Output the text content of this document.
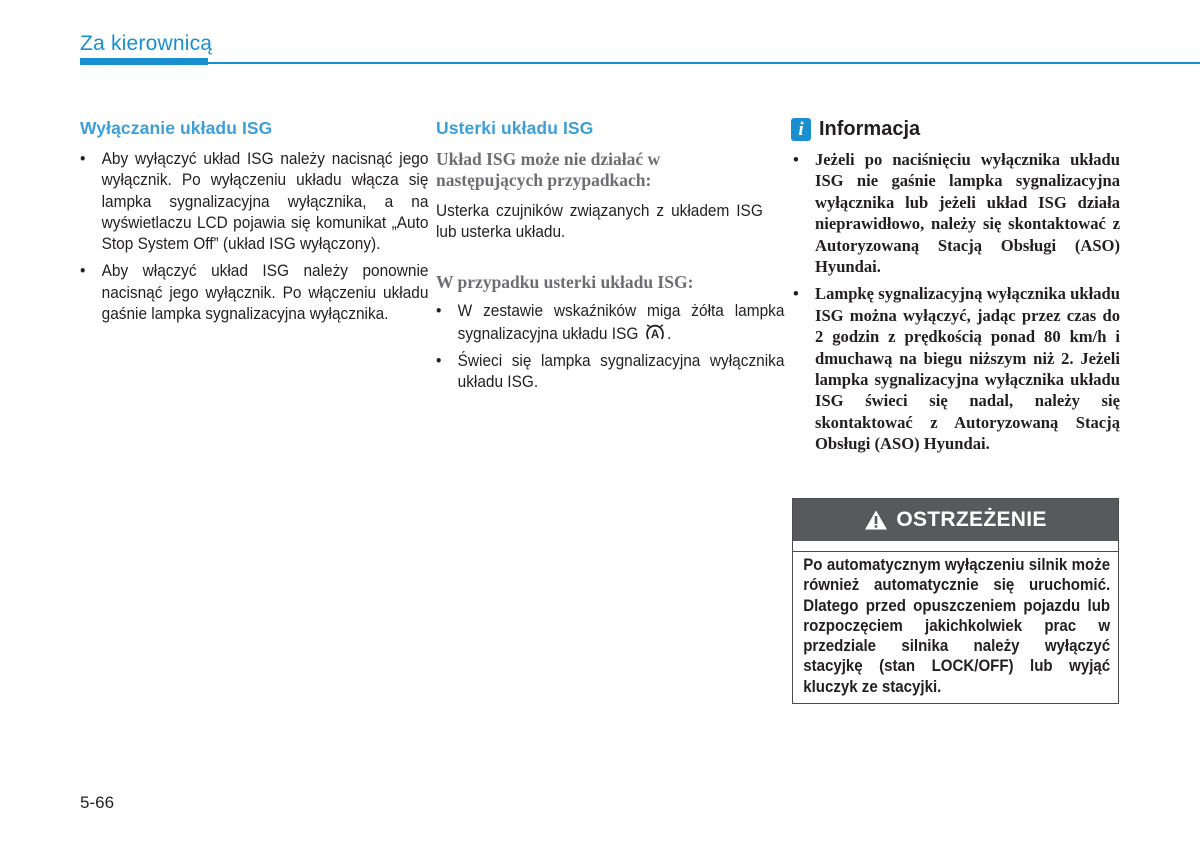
Za kierownicą
Wyłączanie układu ISG
• Aby wyłączyć układ ISG należy nacisnąć jego wyłącznik. Po wyłączeniu układu włącza się lampka sygnalizacyjna wyłącznika, a na wyświetlaczu LCD pojawia się komunikat „Auto Stop System Off” (układ ISG wyłączony).
• Aby włączyć układ ISG należy ponownie nacisnąć jego wyłącznik. Po włączeniu układu gaśnie lampka sygnalizacyjna wyłącznika.
Usterki układu ISG

Układ ISG może nie działać w następujących przypadkach:

Usterka czujników związanych z układem ISG lub usterka układu.

W przypadku usterki układu ISG:

• W zestawie wskaźników miga żółta lampka sygnalizacyjna układu ISG A .
• Świeci się lampka sygnalizacyjna wyłącznika układu ISG.
i Informacja
• Jeżeli po naciśnięciu wyłącznika układu ISG nie gaśnie lampka sygnalizacyjna wyłącznika lub jeżeli układ ISG działa nieprawidłowo, należy się skontaktować z Autoryzowaną Stacją Obsługi (ASO) Hyundai.
• Lampkę sygnalizacyjną wyłącznika układu ISG można wyłączyć, jadąc przez czas do 2 godzin z prędkością ponad 80 km/h i dmuchawą na biegu niższym niż 2. Jeżeli lampka sygnalizacyjna wyłącznika układu ISG świeci się nadal, należy się skontaktować z Autoryzowaną Stacją Obsługi (ASO) Hyundai.
OSTRZEŻENIE

Po automatycznym wyłączeniu silnik może również automatycznie się uruchomić. Dlatego przed opuszczeniem pojazdu lub rozpoczęciem jakichkolwiek prac w przedziale silnika należy wyłączyć stacyjkę (stan LOCK/OFF) lub wyjąć kluczyk ze stacyjki.

5-66
